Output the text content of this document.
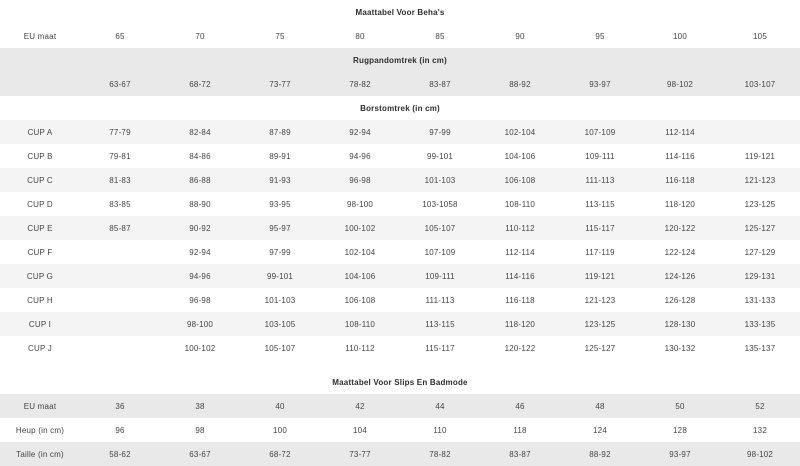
Maattabel Voor Beha's									
EU maat	65	70	75	80	85	90	95	100	105
Rugpandomtrek (in cm)									
	63-67	68-72	73-77	78-82	83-87	88-92	93-97	98-102	103-107
Borstomtrek (in cm)									
CUP A	77-79	82-84	87-89	92-94	97-99	102-104	107-109	112-114	
CUP B	79-81	84-86	89-91	94-96	99-101	104-106	109-111	114-116	119-121
CUP C	81-83	86-88	91-93	96-98	101-103	106-108	111-113	116-118	121-123
CUP D	83-85	88-90	93-95	98-100	103-1058	108-110	113-115	118-120	123-125
CUP E	85-87	90-92	95-97	100-102	105-107	110-112	115-117	120-122	125-127
CUP F		92-94	97-99	102-104	107-109	112-114	117-119	122-124	127-129
CUP G		94-96	99-101	104-106	109-111	114-116	119-121	124-126	129-131
CUP H		96-98	101-103	106-108	111-113	116-118	121-123	126-128	131-133
CUP I		98-100	103-105	108-110	113-115	118-120	123-125	128-130	133-135
CUP J		100-102	105-107	110-112	115-117	120-122	125-127	130-132	135-137
Maattabel Voor Slips En Badmode									
EU maat	36	38	40	42	44	46	48	50	52
Heup (in cm)	96	98	100	104	110	118	124	128	132
Taille (in cm)	58-62	63-67	68-72	73-77	78-82	83-87	88-92	93-97	98-102
